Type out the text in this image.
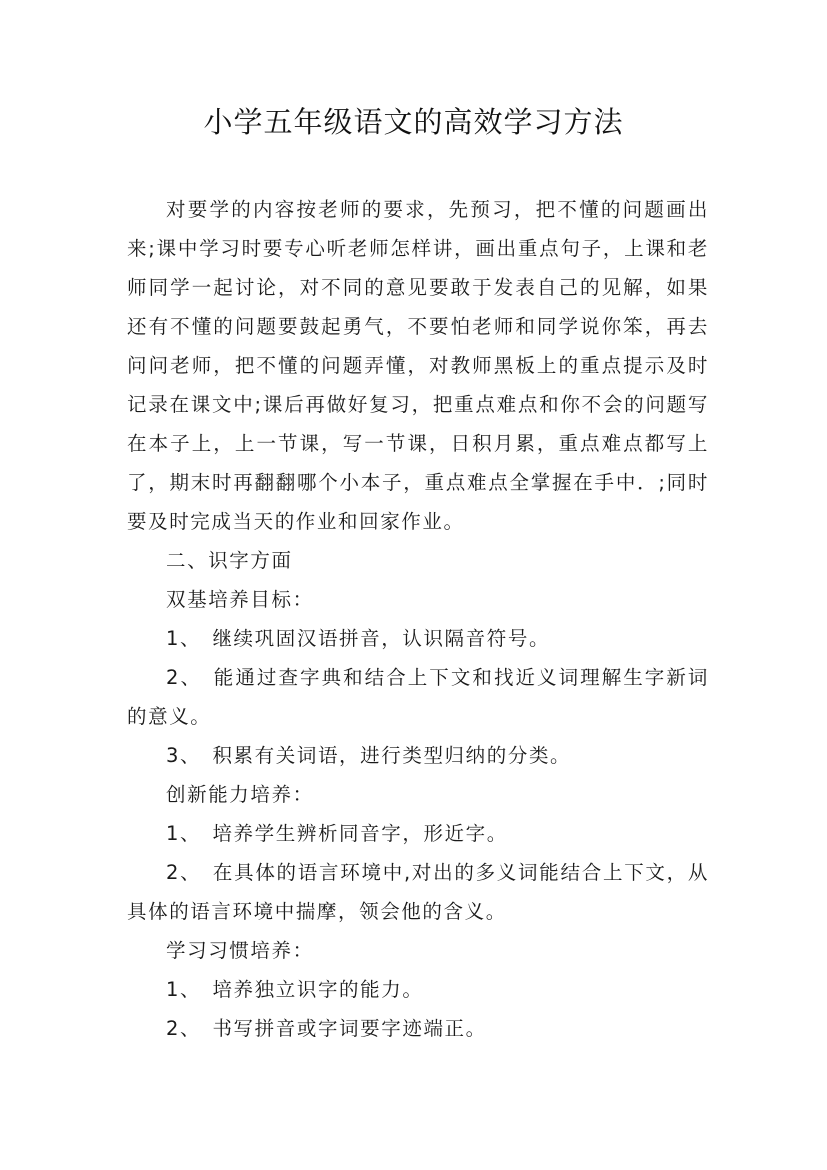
小学五年级语文的高效学习方法

对要学的内容按老师的要求，先预习，把不懂的问题画出来;课中学习时要专心听老师怎样讲，画出重点句子，上课和老师同学一起讨论，对不同的意见要敢于发表自己的见解，如果还有不懂的问题要鼓起勇气，不要怕老师和同学说你笨，再去问问老师，把不懂的问题弄懂，对教师黑板上的重点提示及时记录在课文中;课后再做好复习，把重点难点和你不会的问题写在本子上，上一节课，写一节课，日积月累，重点难点都写上了，期末时再翻翻哪个小本子，重点难点全掌握在手中．;同时要及时完成当天的作业和回家作业。

二、识字方面

双基培养目标：

1、　继续巩固汉语拼音，认识隔音符号。

2、　能通过查字典和结合上下文和找近义词理解生字新词的意义。

3、　积累有关词语，进行类型归纳的分类。

创新能力培养：

1、　培养学生辨析同音字，形近字。

2、　在具体的语言环境中,对出的多义词能结合上下文，从具体的语言环境中揣摩，领会他的含义。

学习习惯培养：

1、　培养独立识字的能力。

2、　书写拼音或字词要字迹端正。
